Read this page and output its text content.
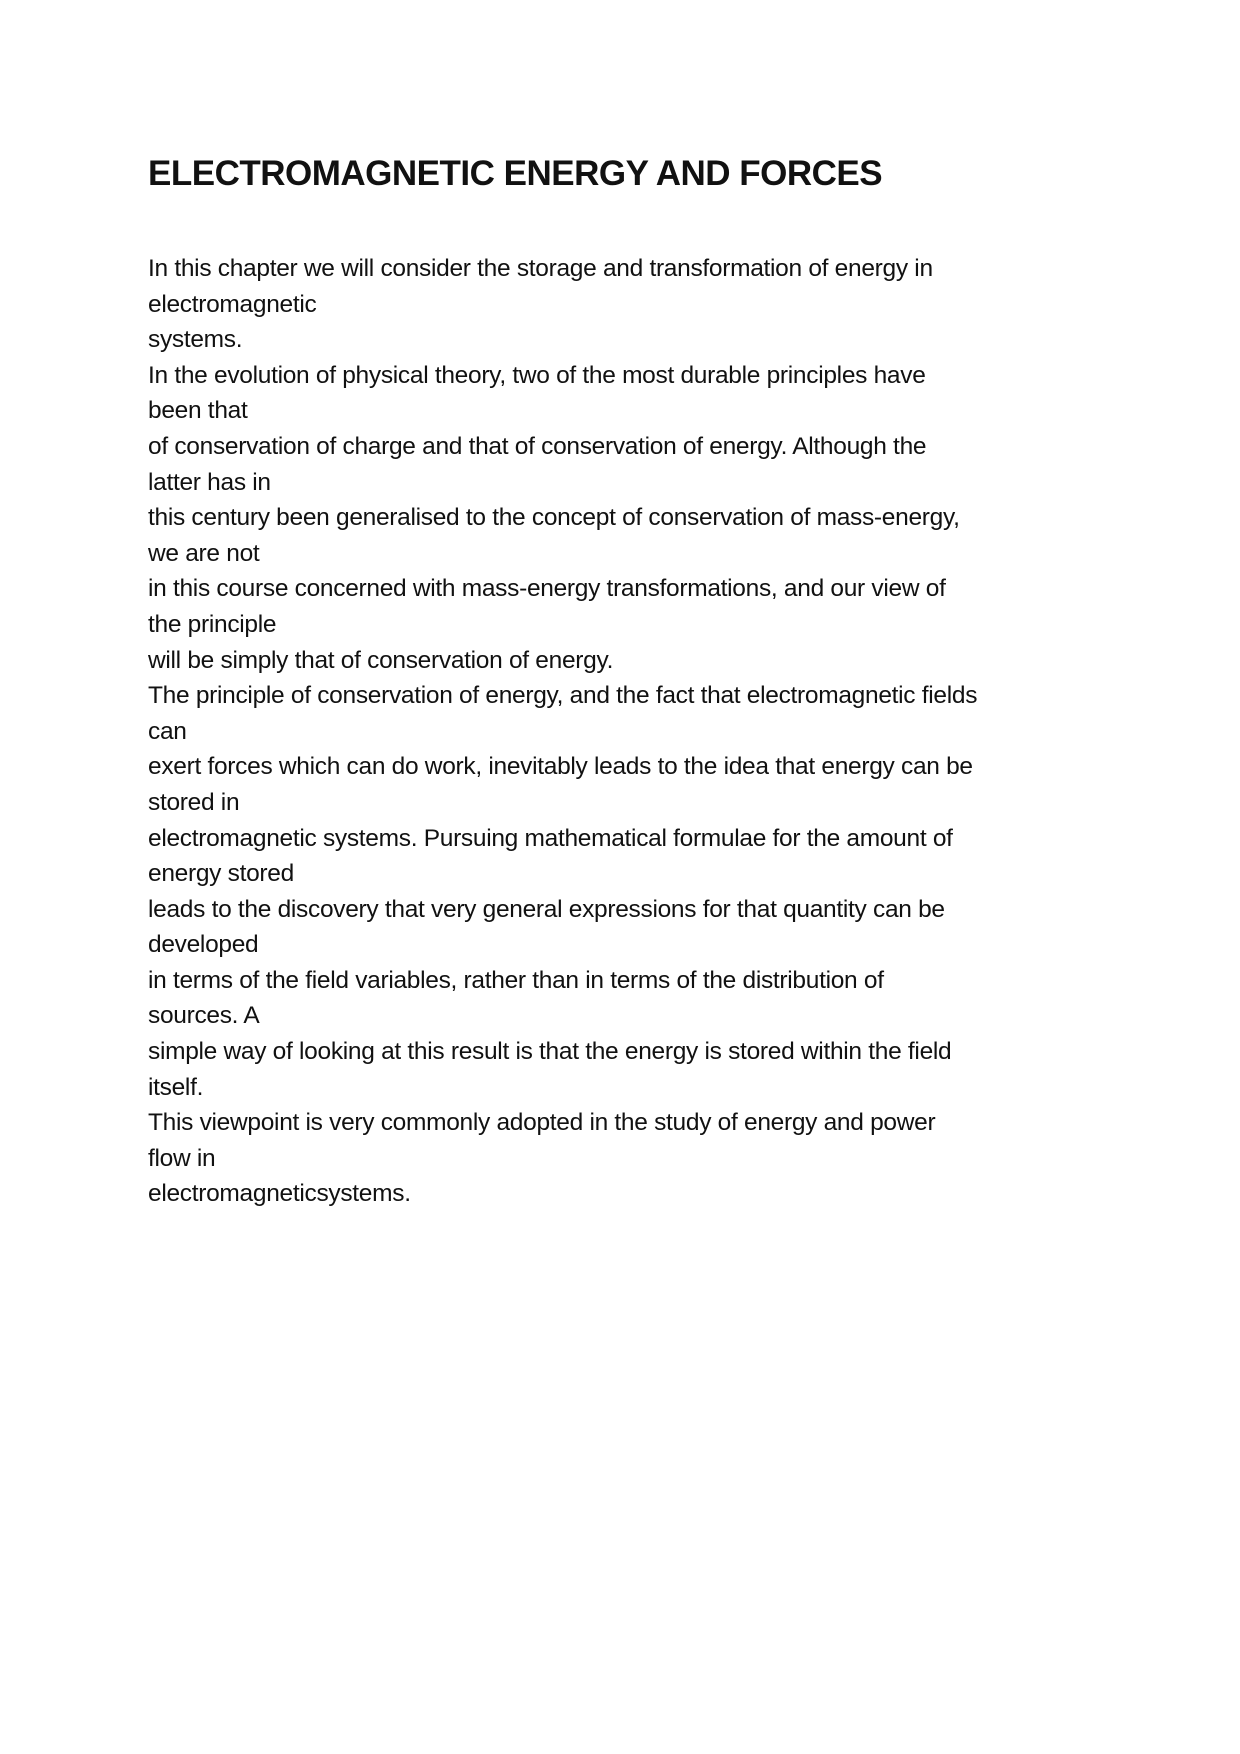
ELECTROMAGNETIC ENERGY AND FORCES
In this chapter we will consider the storage and transformation of energy in
electromagnetic
systems.
In the evolution of physical theory, two of the most durable principles have
been that
of conservation of charge and that of conservation of energy. Although the
latter has in
this century been generalised to the concept of conservation of mass-energy,
we are not
in this course concerned with mass-energy transformations, and our view of
the principle
will be simply that of conservation of energy.
The principle of conservation of energy, and the fact that electromagnetic fields
can
exert forces which can do work, inevitably leads to the idea that energy can be
stored in
electromagnetic systems. Pursuing mathematical formulae for the amount of
energy stored
leads to the discovery that very general expressions for that quantity can be
developed
in terms of the field variables, rather than in terms of the distribution of
sources. A
simple way of looking at this result is that the energy is stored within the field
itself.
This viewpoint is very commonly adopted in the study of energy and power
flow in
electromagneticsystems.
